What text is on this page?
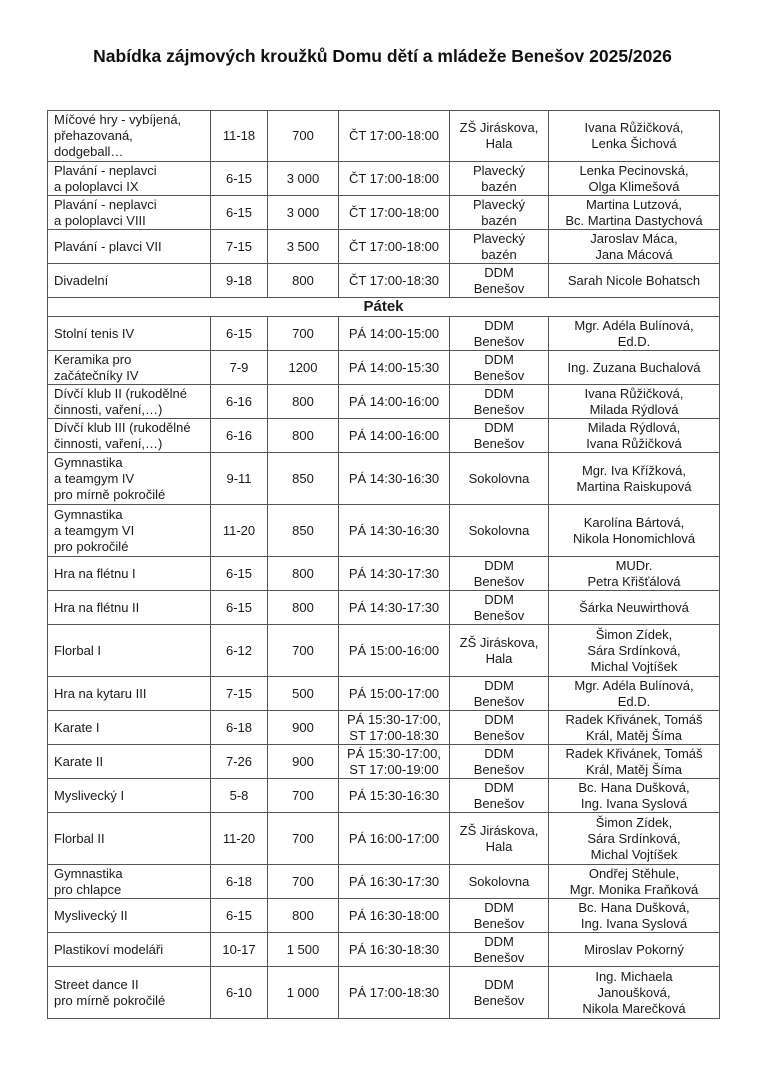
Nabídka zájmových kroužků Domu dětí a mládeže Benešov 2025/2026
Míčové hry - vybíjená,
přehazovaná,
dodgeball…	11-18	700	ČT 17:00-18:00	ZŠ Jiráskova,
Hala	Ivana Růžičková,
Lenka Šichová

Plavání - neplavci
a poloplavci IX	6-15	3 000	ČT 17:00-18:00	Plavecký
bazén	Lenka Pecinovská,
Olga Klimešová

Plavání - neplavci
a poloplavci VIII	6-15	3 000	ČT 17:00-18:00	Plavecký
bazén	Martina Lutzová,
Bc. Martina Dastychová

Plavání - plavci VII	7-15	3 500	ČT 17:00-18:00	Plavecký
bazén	Jaroslav Máca,
Jana Mácová

Divadelní	9-18	800	ČT 17:00-18:30	DDM
Benešov	Sarah Nicole Bohatsch

Pátek					

Stolní tenis IV	6-15	700	PÁ 14:00-15:00	DDM
Benešov	Mgr. Adéla Bulínová,
Ed.D.

Keramika pro
začátečníky IV	7-9	1200	PÁ 14:00-15:30	DDM
Benešov	Ing. Zuzana Buchalová

Dívčí klub II (rukodělné
činnosti, vaření,…)	6-16	800	PÁ 14:00-16:00	DDM
Benešov	Ivana Růžičková,
Milada Rýdlová

Dívčí klub III (rukodělné
činnosti, vaření,…)	6-16	800	PÁ 14:00-16:00	DDM
Benešov	Milada Rýdlová,
Ivana Růžičková

Gymnastika
a teamgym IV
pro mírně pokročilé	9-11	850	PÁ 14:30-16:30	Sokolovna	Mgr. Iva Křížková,
Martina Raiskupová

Gymnastika
a teamgym VI
pro pokročilé	11-20	850	PÁ 14:30-16:30	Sokolovna	Karolína Bártová,
Nikola Honomichlová

Hra na flétnu I	6-15	800	PÁ 14:30-17:30	DDM
Benešov	MUDr.
Petra Křišťálová

Hra na flétnu II	6-15	800	PÁ 14:30-17:30	DDM
Benešov	Šárka Neuwirthová

Florbal I	6-12	700	PÁ 15:00-16:00	ZŠ Jiráskova,
Hala	Šimon Zídek,
Sára Srdínková,
Michal Vojtíšek

Hra na kytaru III	7-15	500	PÁ 15:00-17:00	DDM
Benešov	Mgr. Adéla Bulínová,
Ed.D.

Karate I	6-18	900	PÁ 15:30-17:00,
ST 17:00-18:30	DDM
Benešov	Radek Křivánek, Tomáš
Král, Matěj Šíma

Karate II	7-26	900	PÁ 15:30-17:00,
ST 17:00-19:00	DDM
Benešov	Radek Křivánek, Tomáš
Král, Matěj Šíma

Myslivecký I	5-8	700	PÁ 15:30-16:30	DDM
Benešov	Bc. Hana Dušková,
Ing. Ivana Syslová

Florbal II	11-20	700	PÁ 16:00-17:00	ZŠ Jiráskova,
Hala	Šimon Zídek,
Sára Srdínková,
Michal Vojtíšek

Gymnastika
pro chlapce	6-18	700	PÁ 16:30-17:30	Sokolovna	Ondřej Stěhule,
Mgr. Monika Fraňková

Myslivecký II	6-15	800	PÁ 16:30-18:00	DDM
Benešov	Bc. Hana Dušková,
Ing. Ivana Syslová

Plastikoví modeláři	10-17	1 500	PÁ 16:30-18:30	DDM
Benešov	Miroslav Pokorný

Street dance II
pro mírně pokročilé	6-10	1 000	PÁ 17:00-18:30	DDM
Benešov	Ing. Michaela
Janoušková,
Nikola Marečková
